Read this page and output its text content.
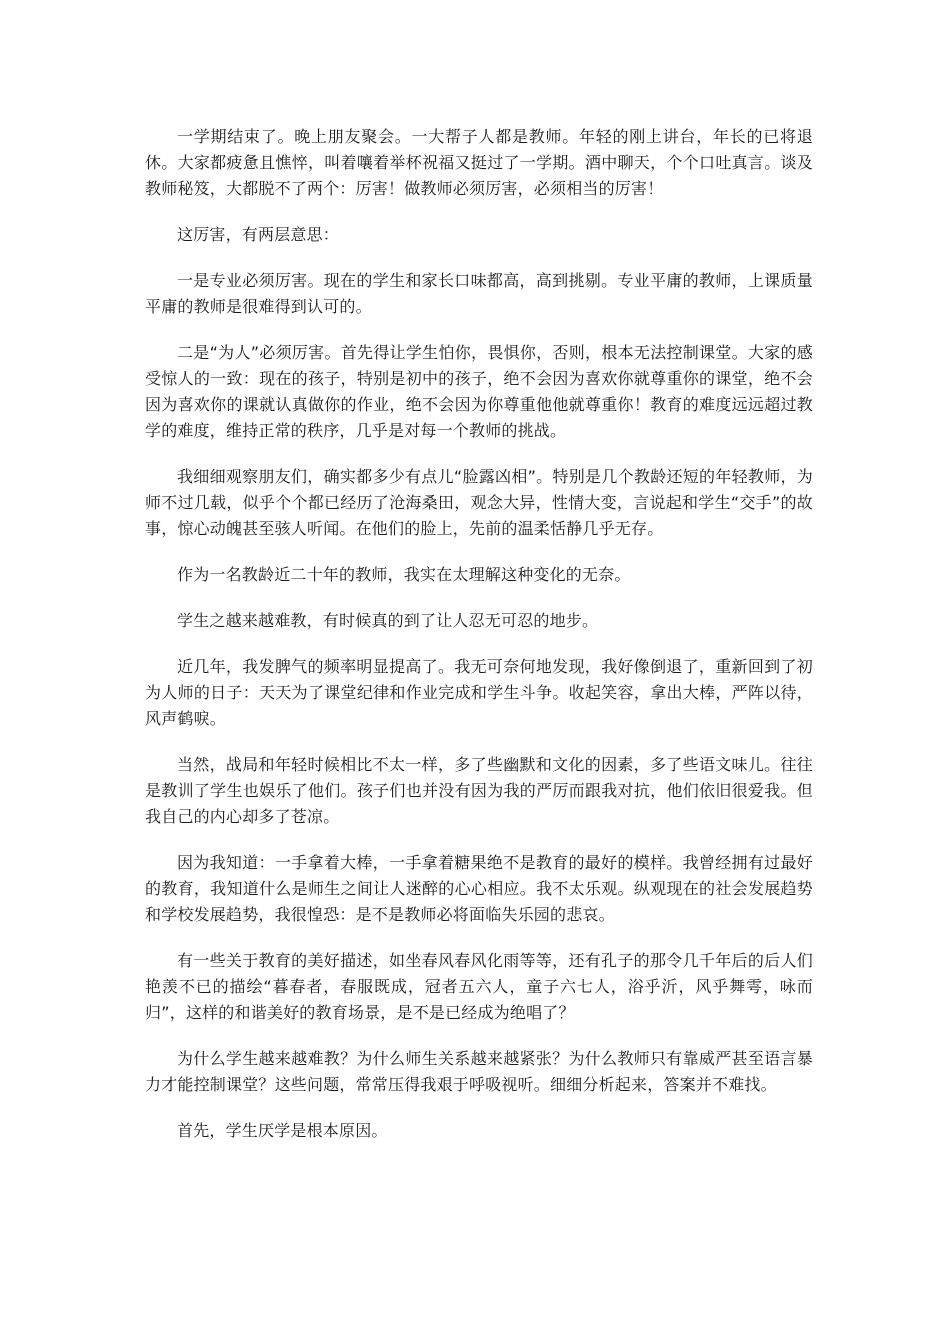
一学期结束了。晚上朋友聚会。一大帮子人都是教师。年轻的刚上讲台，年长的已将退休。大家都疲惫且憔悴，叫着嚷着举杯祝福又挺过了一学期。酒中聊天，个个口吐真言。谈及教师秘笈，大都脱不了两个：厉害！做教师必须厉害，必须相当的厉害！

这厉害，有两层意思：

一是专业必须厉害。现在的学生和家长口味都高，高到挑剔。专业平庸的教师，上课质量平庸的教师是很难得到认可的。

二是“为人”必须厉害。首先得让学生怕你，畏惧你，否则，根本无法控制课堂。大家的感受惊人的一致：现在的孩子，特别是初中的孩子，绝不会因为喜欢你就尊重你的课堂，绝不会因为喜欢你的课就认真做你的作业，绝不会因为你尊重他他就尊重你！教育的难度远远超过教学的难度，维持正常的秩序，几乎是对每一个教师的挑战。

我细细观察朋友们，确实都多少有点儿“脸露凶相”。特别是几个教龄还短的年轻教师，为师不过几载，似乎个个都已经历了沧海桑田，观念大异，性情大变，言说起和学生“交手”的故事，惊心动魄甚至骇人听闻。在他们的脸上，先前的温柔恬静几乎无存。

作为一名教龄近二十年的教师，我实在太理解这种变化的无奈。

学生之越来越难教，有时候真的到了让人忍无可忍的地步。

近几年，我发脾气的频率明显提高了。我无可奈何地发现，我好像倒退了，重新回到了初为人师的日子：天天为了课堂纪律和作业完成和学生斗争。收起笑容，拿出大棒，严阵以待，风声鹤唳。

当然，战局和年轻时候相比不太一样，多了些幽默和文化的因素，多了些语文味儿。往往是教训了学生也娱乐了他们。孩子们也并没有因为我的严厉而跟我对抗，他们依旧很爱我。但我自己的内心却多了苍凉。

因为我知道：一手拿着大棒，一手拿着糖果绝不是教育的最好的模样。我曾经拥有过最好的教育，我知道什么是师生之间让人迷醉的心心相应。我不太乐观。纵观现在的社会发展趋势和学校发展趋势，我很惶恐：是不是教师必将面临失乐园的悲哀。

有一些关于教育的美好描述，如坐春风春风化雨等等，还有孔子的那令几千年后的后人们艳羡不已的描绘“暮春者，春服既成，冠者五六人，童子六七人，浴乎沂，风乎舞雩，咏而归”，这样的和谐美好的教育场景，是不是已经成为绝唱了？

为什么学生越来越难教？为什么师生关系越来越紧张？为什么教师只有靠威严甚至语言暴力才能控制课堂？这些问题，常常压得我艰于呼吸视听。细细分析起来，答案并不难找。

首先，学生厌学是根本原因。
